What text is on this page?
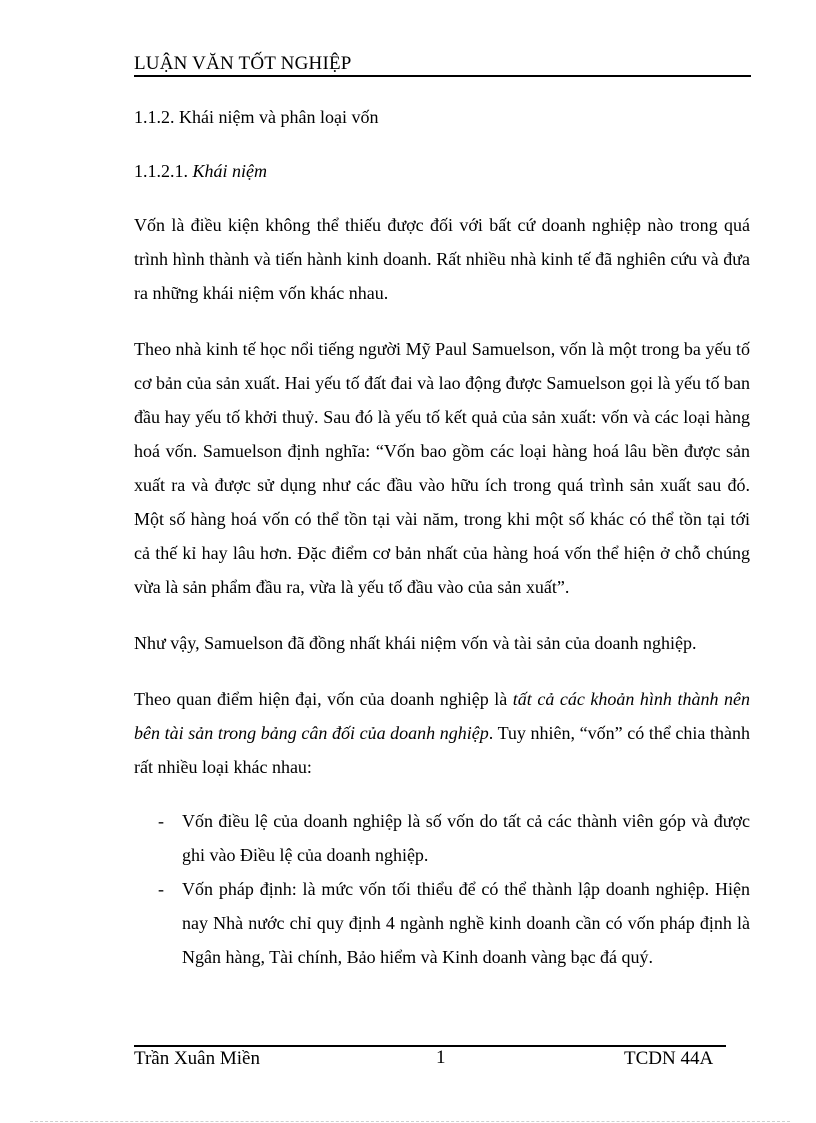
LUẬN VĂN TỐT NGHIỆP

1.1.2. Khái niệm và phân loại vốn

1.1.2.1. Khái niệm

Vốn là điều kiện không thể thiếu được đối với bất cứ doanh nghiệp nào trong quá trình hình thành và tiến hành kinh doanh. Rất nhiều nhà kinh tế đã nghiên cứu và đưa ra những khái niệm vốn khác nhau.

Theo nhà kinh tế học nổi tiếng người Mỹ Paul Samuelson, vốn là một trong ba yếu tố cơ bản của sản xuất. Hai yếu tố đất đai và lao động được Samuelson gọi là yếu tố ban đầu hay yếu tố khởi thuỷ. Sau đó là yếu tố kết quả của sản xuất: vốn và các loại hàng hoá vốn. Samuelson định nghĩa: “Vốn bao gồm các loại hàng hoá lâu bền được sản xuất ra và được sử dụng như các đầu vào hữu ích trong quá trình sản xuất sau đó. Một số hàng hoá vốn có thể tồn tại vài năm, trong khi một số khác có thể tồn tại tới cả thế kỉ hay lâu hơn. Đặc điểm cơ bản nhất của hàng hoá vốn thể hiện ở chỗ chúng vừa là sản phẩm đầu ra, vừa là yếu tố đầu vào của sản xuất”.

Như vậy, Samuelson đã đồng nhất khái niệm vốn và tài sản của doanh nghiệp.

Theo quan điểm hiện đại, vốn của doanh nghiệp là tất cả các khoản hình thành nên bên tài sản trong bảng cân đối của doanh nghiệp. Tuy nhiên, “vốn” có thể chia thành rất nhiều loại khác nhau:

- Vốn điều lệ của doanh nghiệp là số vốn do tất cả các thành viên góp và được ghi vào Điều lệ của doanh nghiệp.
- Vốn pháp định: là mức vốn tối thiểu để có thể thành lập doanh nghiệp. Hiện nay Nhà nước chỉ quy định 4 ngành nghề kinh doanh cần có vốn pháp định là Ngân hàng, Tài chính, Bảo hiểm và Kinh doanh vàng bạc đá quý.
Trần Xuân Miền	1	TCDN 44A
